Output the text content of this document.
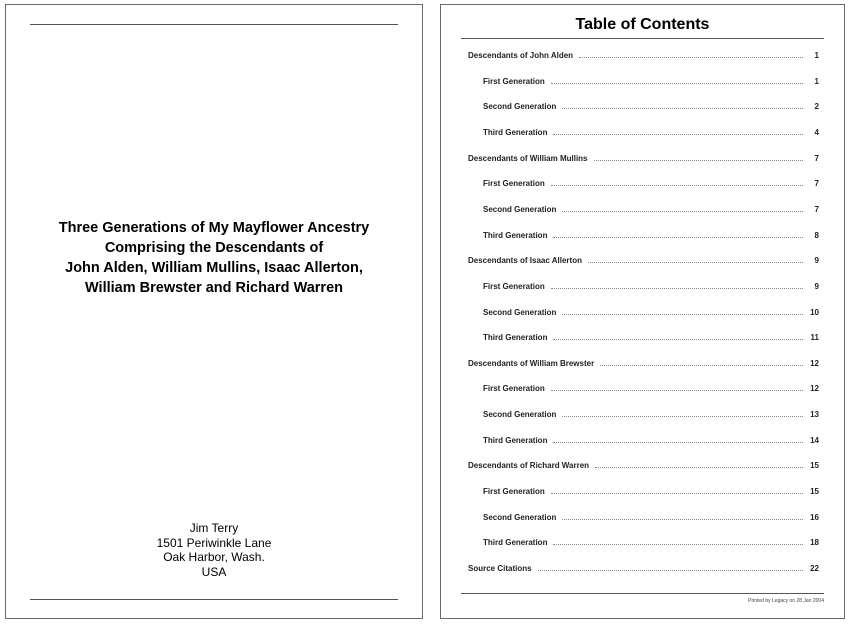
Three Generations of My Mayflower Ancestry
Comprising the Descendants of
John Alden, William Mullins, Isaac Allerton,
William Brewster and Richard Warren
Jim Terry
1501 Periwinkle Lane
Oak Harbor, Wash.
USA
Table of Contents
Descendants of John Alden	1
First Generation	1
Second Generation	2
Third Generation	4
Descendants of William Mullins	7
First Generation	7
Second Generation	7
Third Generation	8
Descendants of Isaac Allerton	9
First Generation	9
Second Generation	10
Third Generation	11
Descendants of William Brewster	12
First Generation	12
Second Generation	13
Third Generation	14
Descendants of Richard Warren	15
First Generation	15
Second Generation	16
Third Generation	18
Source Citations	22
Printed by Legacy on 28 Jan 2004
